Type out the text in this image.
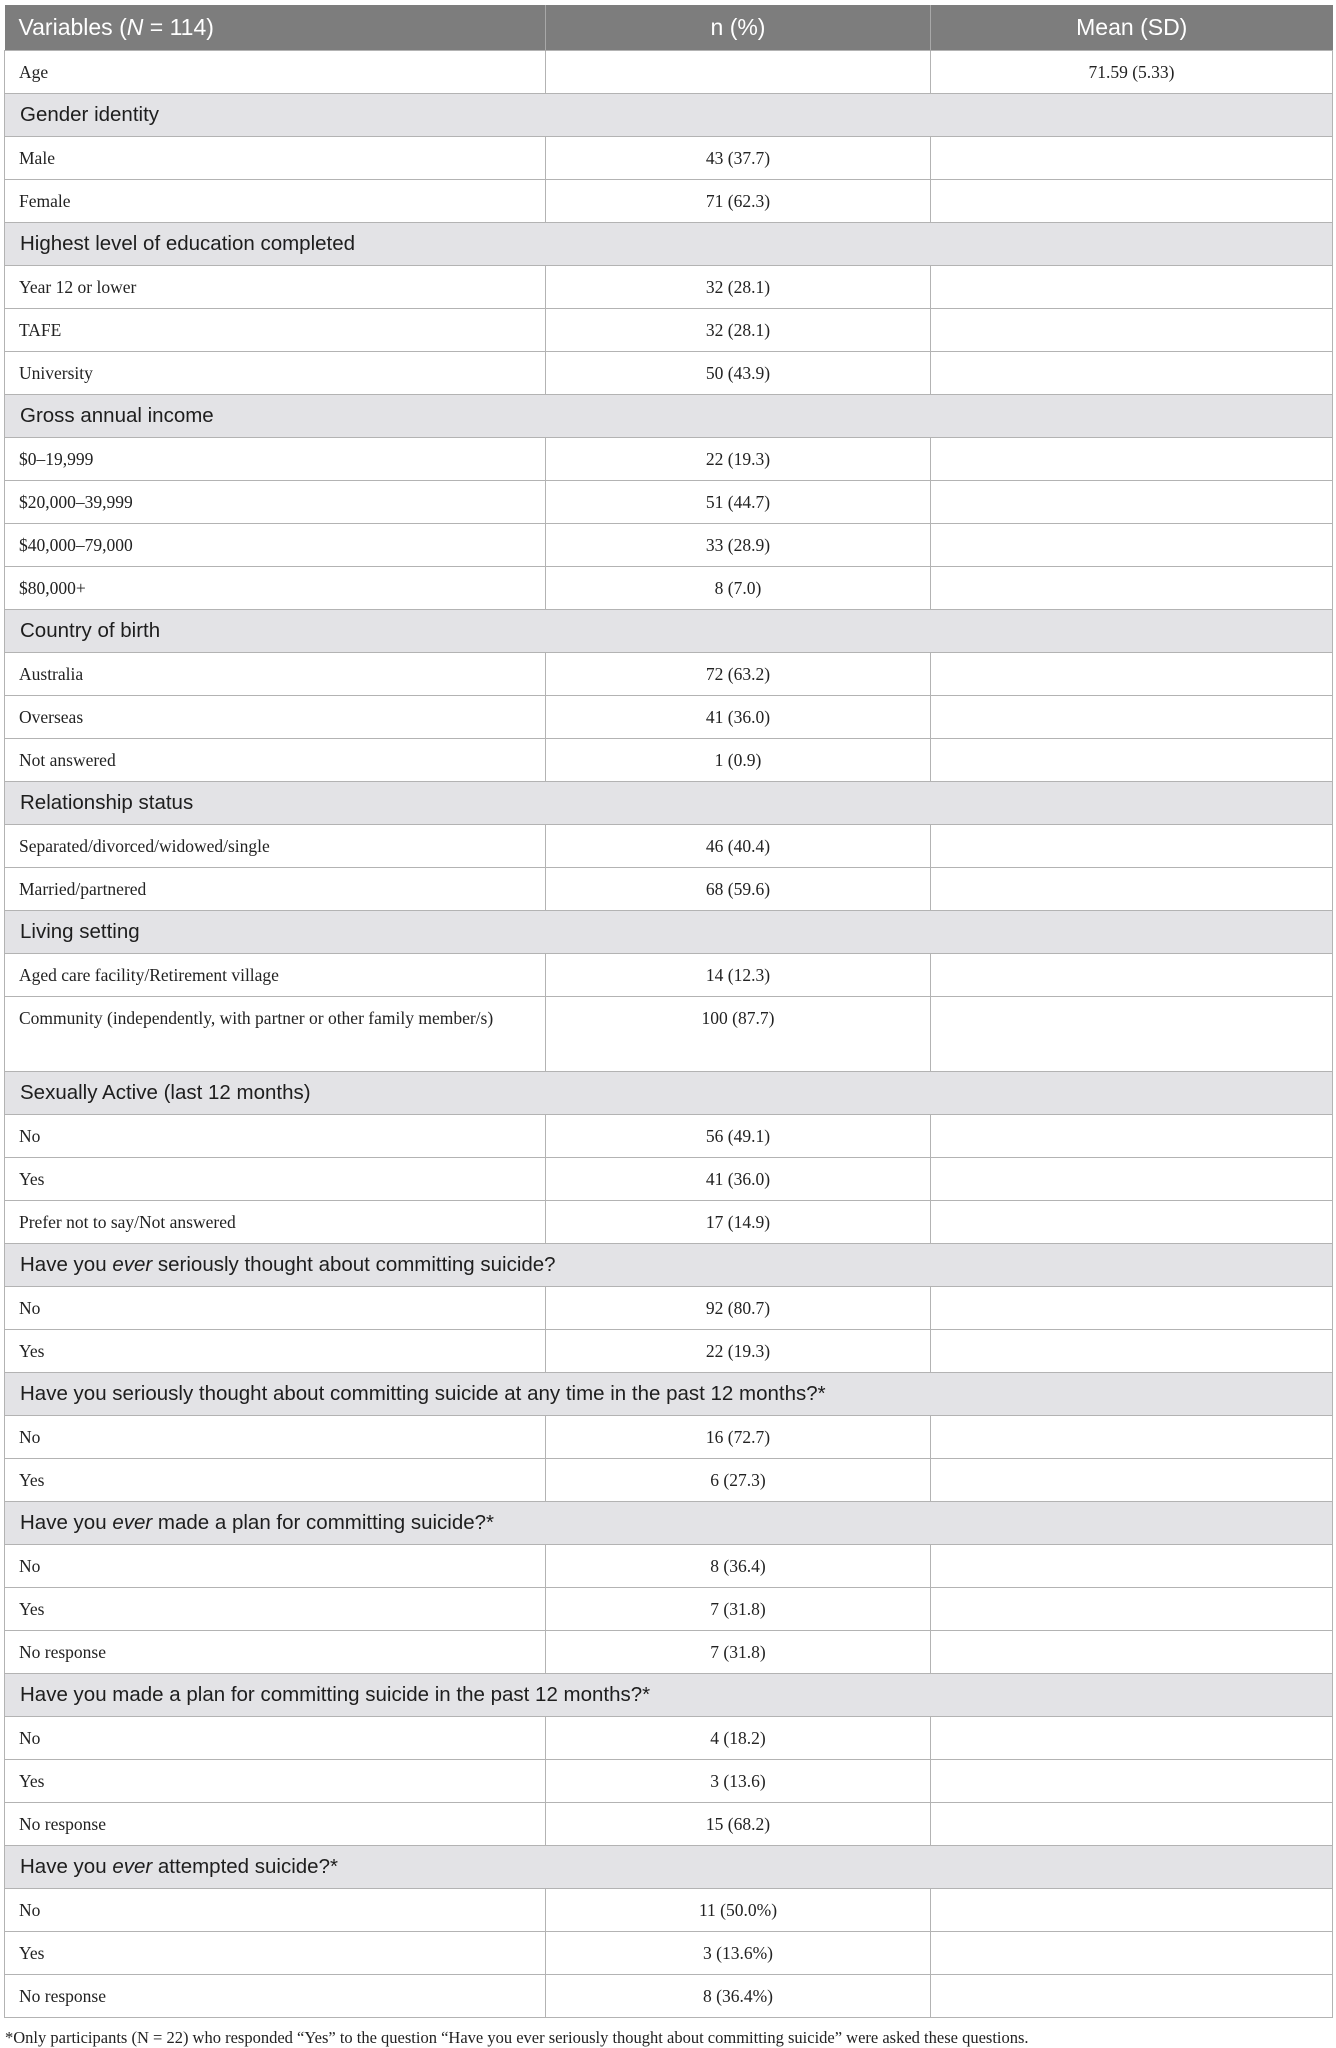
Variables (N = 114)	n (%)	Mean (SD)
Age		71.59 (5.33)
Gender identity		
Male	43 (37.7)	
Female	71 (62.3)	
Highest level of education completed		
Year 12 or lower	32 (28.1)	
TAFE	32 (28.1)	
University	50 (43.9)	
Gross annual income		
$0–19,999	22 (19.3)	
$20,000–39,999	51 (44.7)	
$40,000–79,000	33 (28.9)	
$80,000+	8 (7.0)	
Country of birth		
Australia	72 (63.2)	
Overseas	41 (36.0)	
Not answered	1 (0.9)	
Relationship status		
Separated/divorced/widowed/single	46 (40.4)	
Married/partnered	68 (59.6)	
Living setting		
Aged care facility/Retirement village	14 (12.3)	
Community (independently, with partner or other family member/s)	100 (87.7)	
Sexually Active (last 12 months)		
No	56 (49.1)	
Yes	41 (36.0)	
Prefer not to say/Not answered	17 (14.9)	
Have you ever seriously thought about committing suicide?		
No	92 (80.7)	
Yes	22 (19.3)	
Have you seriously thought about committing suicide at any time in the past 12 months?*		
No	16 (72.7)	
Yes	6 (27.3)	
Have you ever made a plan for committing suicide?*		
No	8 (36.4)	
Yes	7 (31.8)	
No response	7 (31.8)	
Have you made a plan for committing suicide in the past 12 months?*		
No	4 (18.2)	
Yes	3 (13.6)	
No response	15 (68.2)	
Have you ever attempted suicide?*		
No	11 (50.0%)	
Yes	3 (13.6%)	
No response	8 (36.4%)	
*Only participants (N = 22) who responded “Yes” to the question “Have you ever seriously thought about committing suicide” were asked these questions.
